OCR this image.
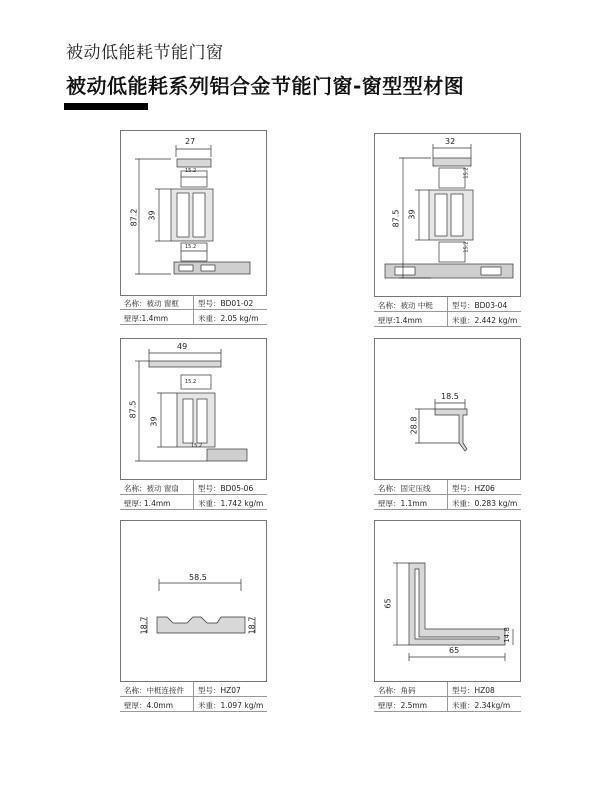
被动低能耗节能门窗
被动低能耗系列铝合金节能门窗-窗型型材图
27
87.2 39
15.2
15.2
名称：被动 窗框	型号：BD01-02
壁厚:1.4mm	米重：2.05 kg/m
32
87.5 39
15.2
15.2
名称：被动 中梃	型号：BD03-04
壁厚:1.4mm	米重：2.442 kg/m
49
87.5
39
15.2
15.2
名称：被动 窗扇	型号：BD05-06
壁厚: 1.4mm	米重：1.742 kg/m
18.5
28.8
名称：固定压线	型号：HZ06
壁厚：1.1mm	米重：0.283 kg/m
58.5
18.7	18.7
名称：中梃连接件 型号：HZ07
壁厚：4.0mm	米重：1.097 kg/m
65
65
14.8
名称：角码	型号：HZ08
壁厚：2.5mm	米重：2.34kg/m
